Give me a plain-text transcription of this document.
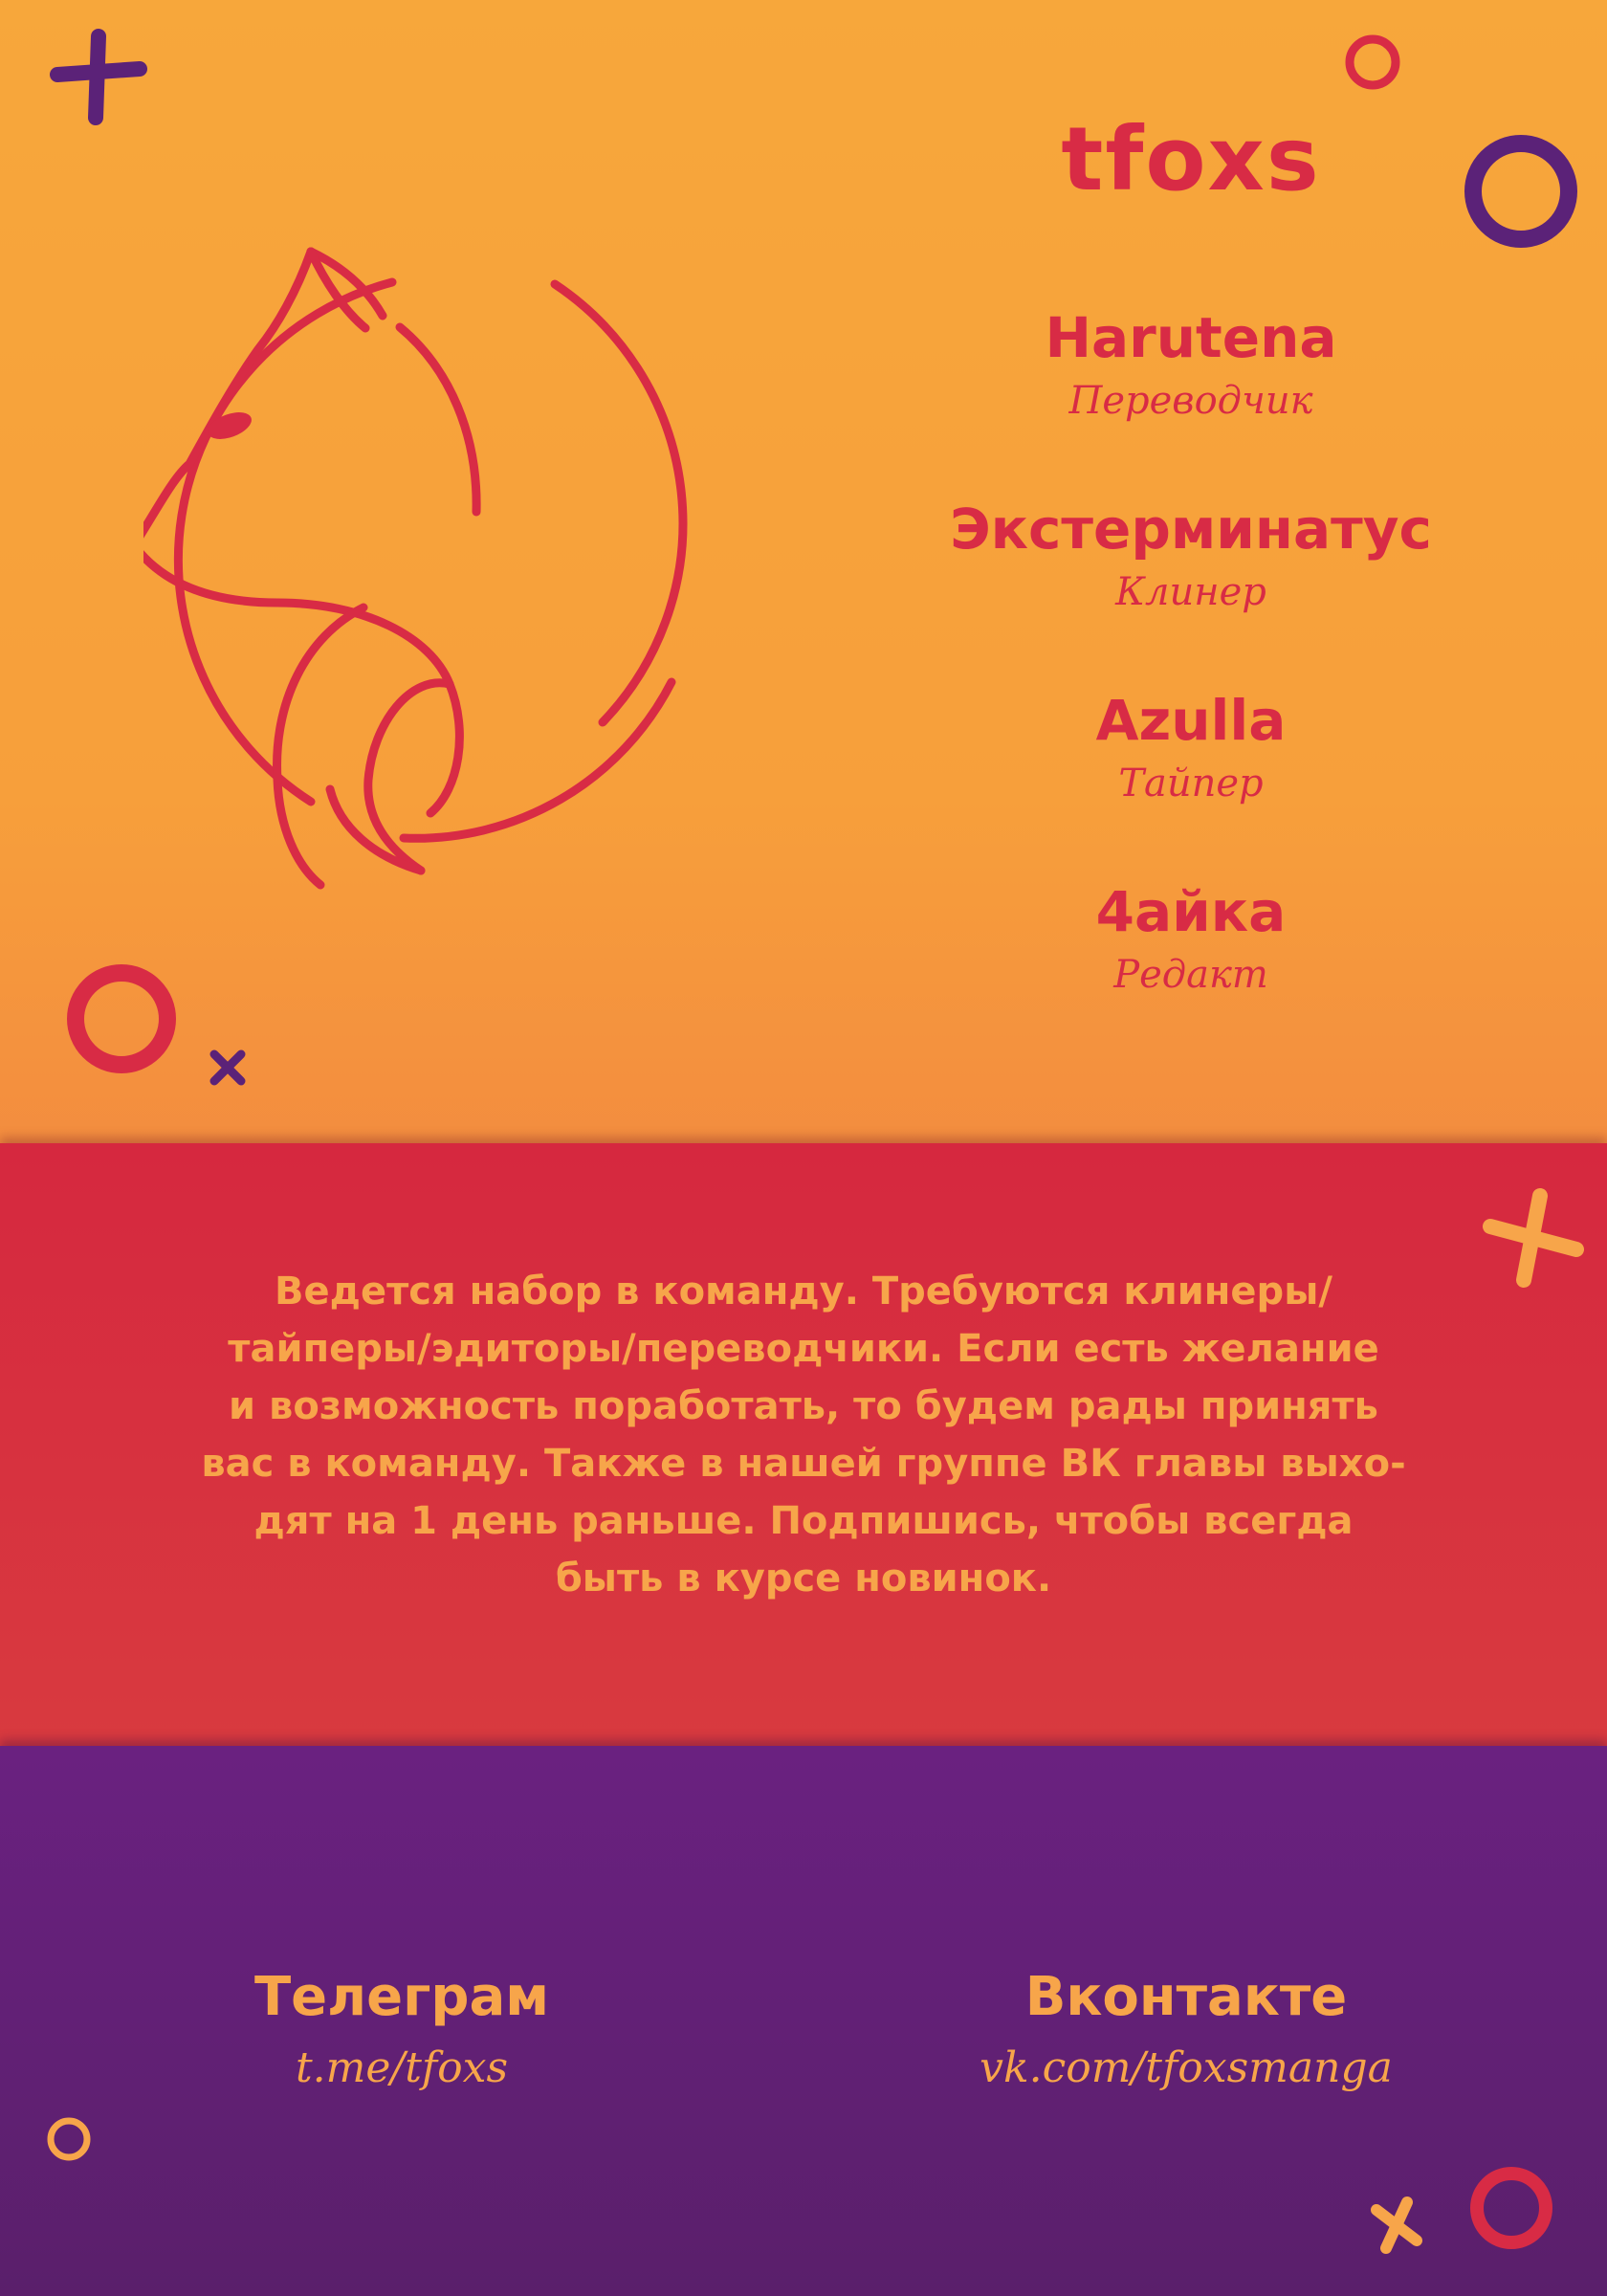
tfoxs
Harutena
Переводчик
Экстерминатус
Клинер
Azulla
Тайпер
4айка
Редакт
Ведется набор в команду. Требуются клинеры/
тайперы/эдиторы/переводчики. Если есть желание
и возможность поработать, то будем рады принять
вас в команду. Также в нашей группе ВК главы выхо-
дят на 1 день раньше. Подпишись, чтобы всегда
быть в курсе новинок.
Телеграм
t.me/tfoxs
Вконтакте
vk.com/tfoxsmanga
